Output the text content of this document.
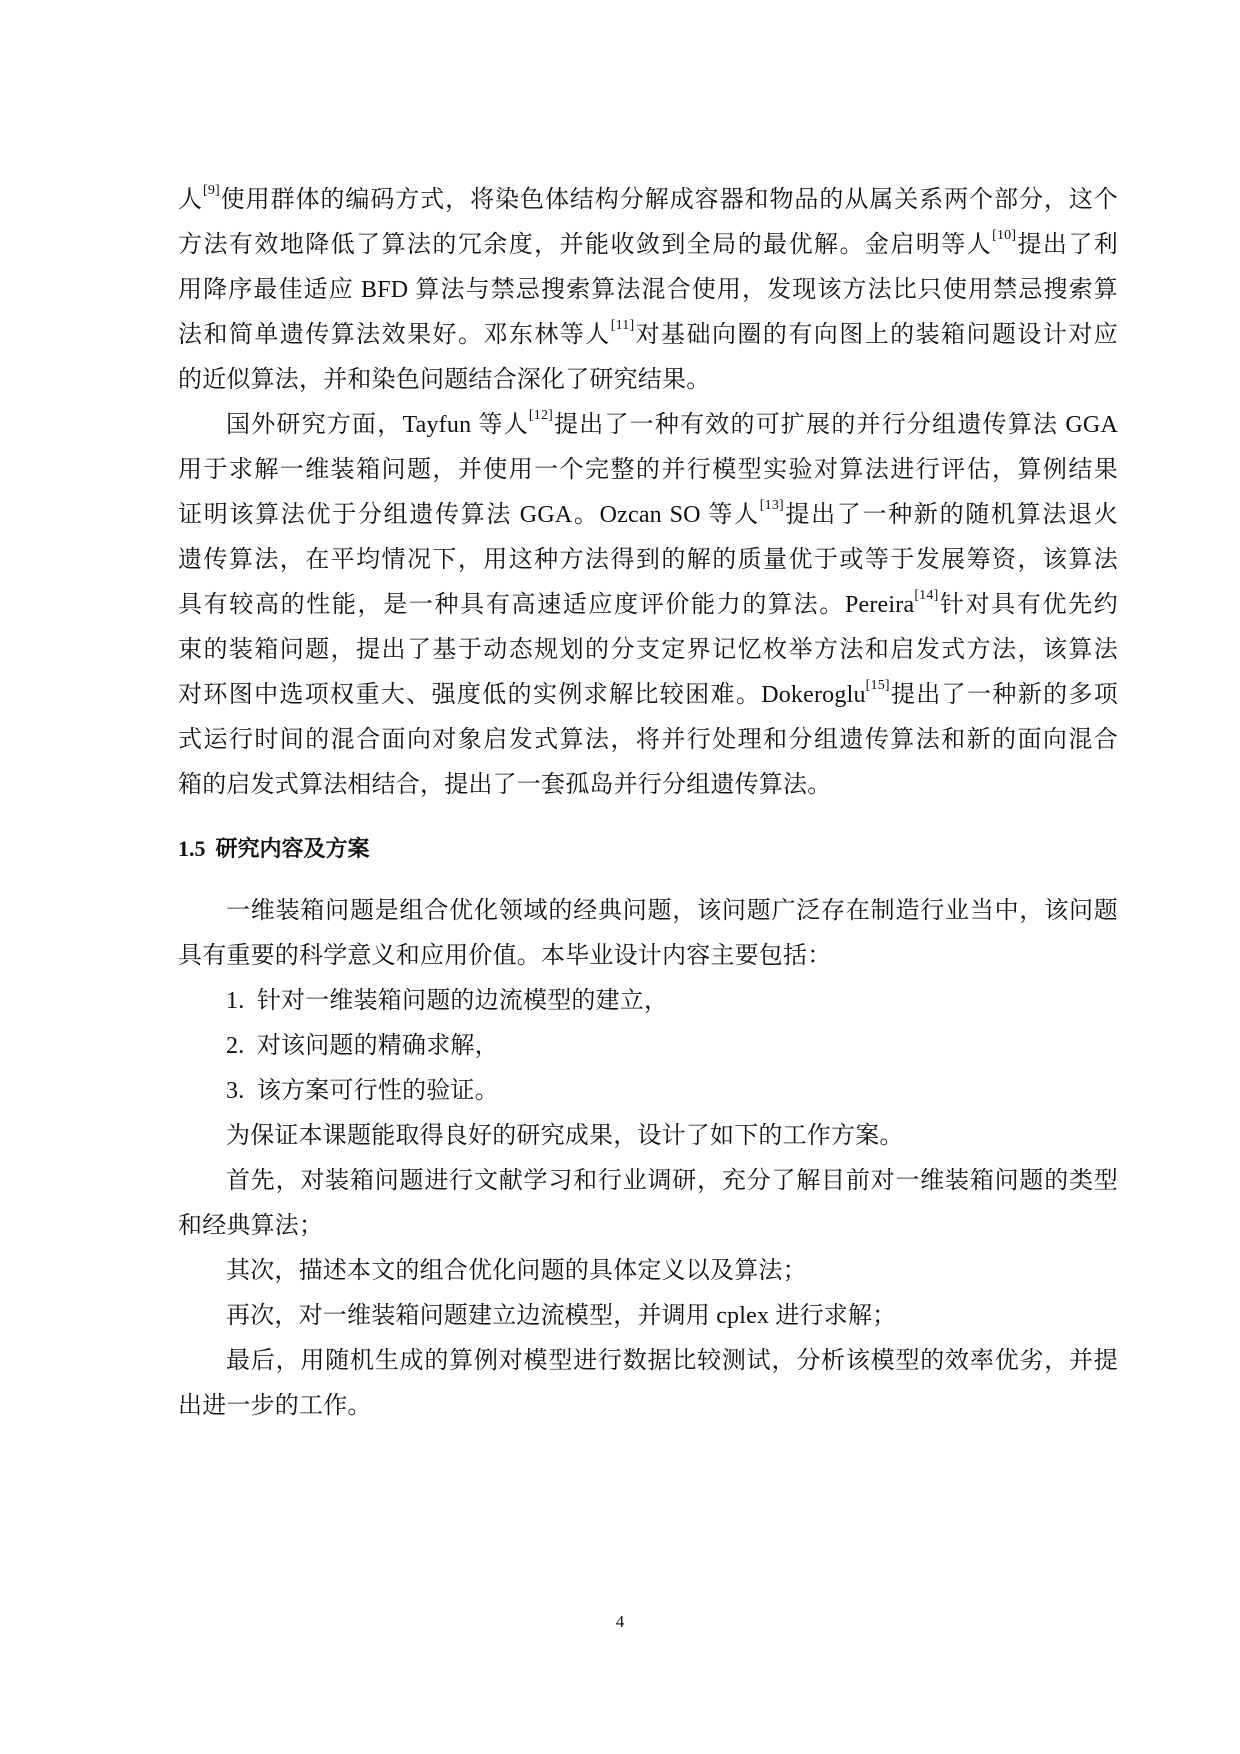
人[9]使用群体的编码方式，将染色体结构分解成容器和物品的从属关系两个部分，这个
方法有效地降低了算法的冗余度，并能收敛到全局的最优解。金启明等人[10]提出了利
用降序最佳适应 BFD 算法与禁忌搜索算法混合使用，发现该方法比只使用禁忌搜索算
法和简单遗传算法效果好。邓东林等人[11]对基础向圈的有向图上的装箱问题设计对应
的近似算法，并和染色问题结合深化了研究结果。
国外研究方面，Tayfun 等人[12]提出了一种有效的可扩展的并行分组遗传算法 GGA
用于求解一维装箱问题，并使用一个完整的并行模型实验对算法进行评估，算例结果
证明该算法优于分组遗传算法 GGA。Ozcan SO 等人[13]提出了一种新的随机算法退火
遗传算法，在平均情况下，用这种方法得到的解的质量优于或等于发展筹资，该算法
具有较高的性能，是一种具有高速适应度评价能力的算法。Pereira[14]针对具有优先约
束的装箱问题，提出了基于动态规划的分支定界记忆枚举方法和启发式方法，该算法
对环图中选项权重大、强度低的实例求解比较困难。Dokeroglu[15]提出了一种新的多项
式运行时间的混合面向对象启发式算法，将并行处理和分组遗传算法和新的面向混合
箱的启发式算法相结合，提出了一套孤岛并行分组遗传算法。
1.5 研究内容及方案
一维装箱问题是组合优化领域的经典问题，该问题广泛存在制造行业当中，该问题
具有重要的科学意义和应用价值。本毕业设计内容主要包括：
1. 针对一维装箱问题的边流模型的建立，
2. 对该问题的精确求解，
3. 该方案可行性的验证。
为保证本课题能取得良好的研究成果，设计了如下的工作方案。
首先，对装箱问题进行文献学习和行业调研，充分了解目前对一维装箱问题的类型
和经典算法；
其次，描述本文的组合优化问题的具体定义以及算法；
再次，对一维装箱问题建立边流模型，并调用 cplex 进行求解；
最后，用随机生成的算例对模型进行数据比较测试，分析该模型的效率优劣，并提
出进一步的工作。
4
